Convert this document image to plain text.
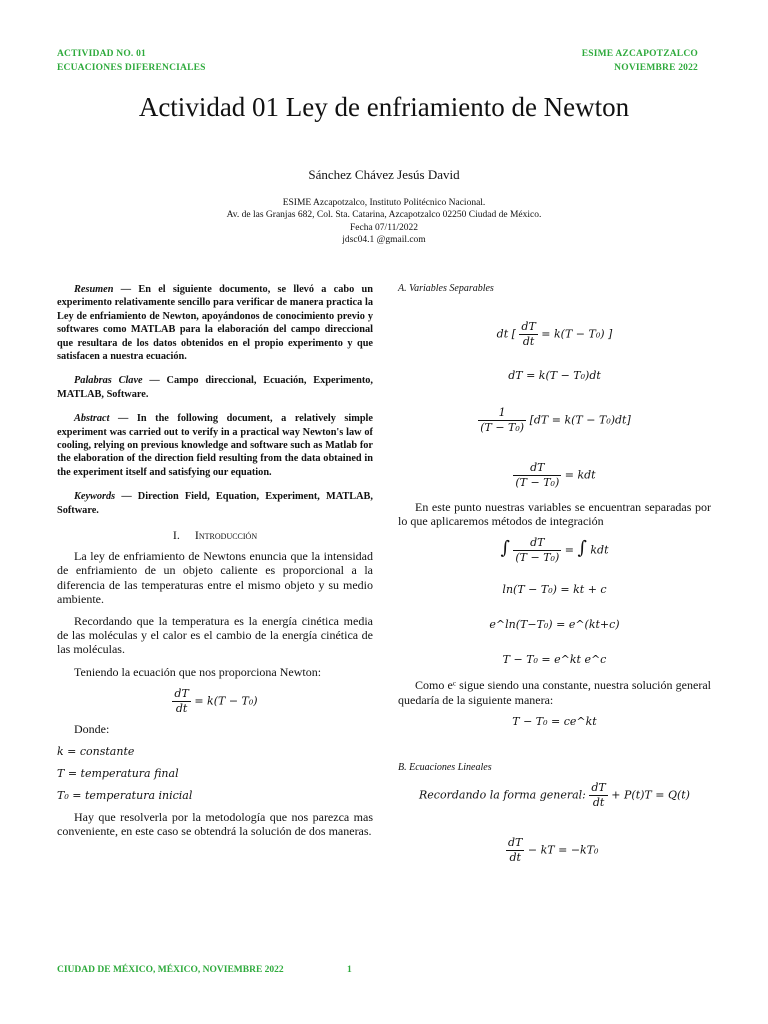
ACTIVIDAD NO. 01
ECUACIONES DIFERENCIALES
ESIME AZCAPOTZALCO
NOVIEMBRE 2022
Actividad 01 Ley de enfriamiento de Newton
Sánchez Chávez Jesús David
ESIME Azcapotzalco, Instituto Politécnico Nacional.
Av. de las Granjas 682, Col. Sta. Catarina, Azcapotzalco 02250 Ciudad de México.
Fecha 07/11/2022
jdsc04.1 @gmail.com

Resumen — En el siguiente documento, se llevó a cabo un experimento relativamente sencillo para verificar de manera practica la Ley de enfriamiento de Newton, apoyándonos de conocimiento previo y softwares como MATLAB para la elaboración del campo direccional que resultara de los datos obtenidos en el propio experimento y que satisfacen a nuestra ecuación.

Palabras Clave — Campo direccional, Ecuación, Experimento, MATLAB, Software.

Abstract — In the following document, a relatively simple experiment was carried out to verify in a practical way Newton's law of cooling, relying on previous knowledge and software such as Matlab for the elaboration of the direction field resulting from the data obtained in the experiment itself and satisfying our equation.

Keywords — Direction Field, Equation, Experiment, MATLAB, Software.

I. Introducción

La ley de enfriamiento de Newtons enuncia que la intensidad de enfriamiento de un objeto caliente es proporcional a la diferencia de las temperaturas entre el mismo objeto y su medio ambiente.

Recordando que la temperatura es la energía cinética media de las moléculas y el calor es el cambio de la energía cinética de las moléculas.

Teniendo la ecuación que nos proporciona Newton:

$\frac{dT}{dt} = k(T - T_0)$

Donde:

k = constante
T = temperatura final
T₀ = temperatura inicial

Hay que resolverla por la metodología que nos parezca mas conveniente, en este caso se obtendrá la solución de dos maneras.

A. Variables Separables
dt [ $\frac{dT}{dt} = k(T - T_0)$ ]
dT = k(T − T₀)dt
$\frac{1}{\text{(T − T₀)}} [dT = k(T - T_0)dt]$
$\frac{dT}{\text{(T − T₀)}}$ = kdt

En este punto nuestras variables se encuentran separadas por lo que aplicaremos métodos de integración

∫ $\frac{dT}{\text{(T − T₀)}}$ = ∫ kdt
ln(T − T₀) = kt + c
e^ln(T−T₀) = e^(kt+c)
T − T₀ = e^kt e^c

Como eᶜ sigue siendo una constante, nuestra solución general quedaría de la siguiente manera:

T − T₀ = ce^kt
B. Ecuaciones Lineales
Recordando la forma general: $\frac{dT}{dt} + P(t)T = Q(t)$
$\frac{dT}{dt}$ − kT = −kT₀
CIUDAD DE MÉXICO, MÉXICO, NOVIEMBRE 2022	1
